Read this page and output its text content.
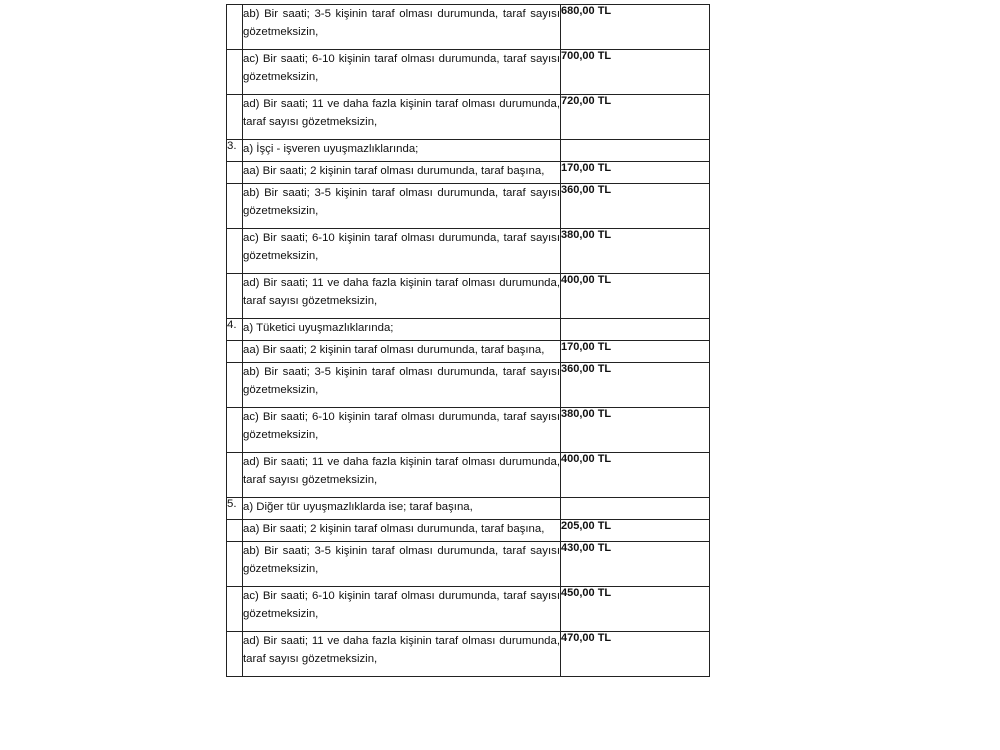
	ab) Bir saati; 3-5 kişinin taraf olması durumunda, taraf sayısı gözetmeksizin,	680,00 TL
	ac) Bir saati; 6-10 kişinin taraf olması durumunda, taraf sayısı gözetmeksizin,	700,00 TL
	ad) Bir saati; 11 ve daha fazla kişinin taraf olması durumunda, taraf sayısı gözetmeksizin,	720,00 TL
3.	a) İşçi - işveren uyuşmazlıklarında;	
	aa) Bir saati; 2 kişinin taraf olması durumunda, taraf başına,	170,00 TL
	ab) Bir saati; 3-5 kişinin taraf olması durumunda, taraf sayısı gözetmeksizin,	360,00 TL
	ac) Bir saati; 6-10 kişinin taraf olması durumunda, taraf sayısı gözetmeksizin,	380,00 TL
	ad) Bir saati; 11 ve daha fazla kişinin taraf olması durumunda, taraf sayısı gözetmeksizin,	400,00 TL
4.	a) Tüketici uyuşmazlıklarında;	
	aa) Bir saati; 2 kişinin taraf olması durumunda, taraf başına,	170,00 TL
	ab) Bir saati; 3-5 kişinin taraf olması durumunda, taraf sayısı gözetmeksizin,	360,00 TL
	ac) Bir saati; 6-10 kişinin taraf olması durumunda, taraf sayısı gözetmeksizin,	380,00 TL
	ad) Bir saati; 11 ve daha fazla kişinin taraf olması durumunda, taraf sayısı gözetmeksizin,	400,00 TL
5.	a) Diğer tür uyuşmazlıklarda ise; taraf başına,	
	aa) Bir saati; 2 kişinin taraf olması durumunda, taraf başına,	205,00 TL
	ab) Bir saati; 3-5 kişinin taraf olması durumunda, taraf sayısı gözetmeksizin,	430,00 TL
	ac) Bir saati; 6-10 kişinin taraf olması durumunda, taraf sayısı gözetmeksizin,	450,00 TL
	ad) Bir saati; 11 ve daha fazla kişinin taraf olması durumunda, taraf sayısı gözetmeksizin,	470,00 TL
